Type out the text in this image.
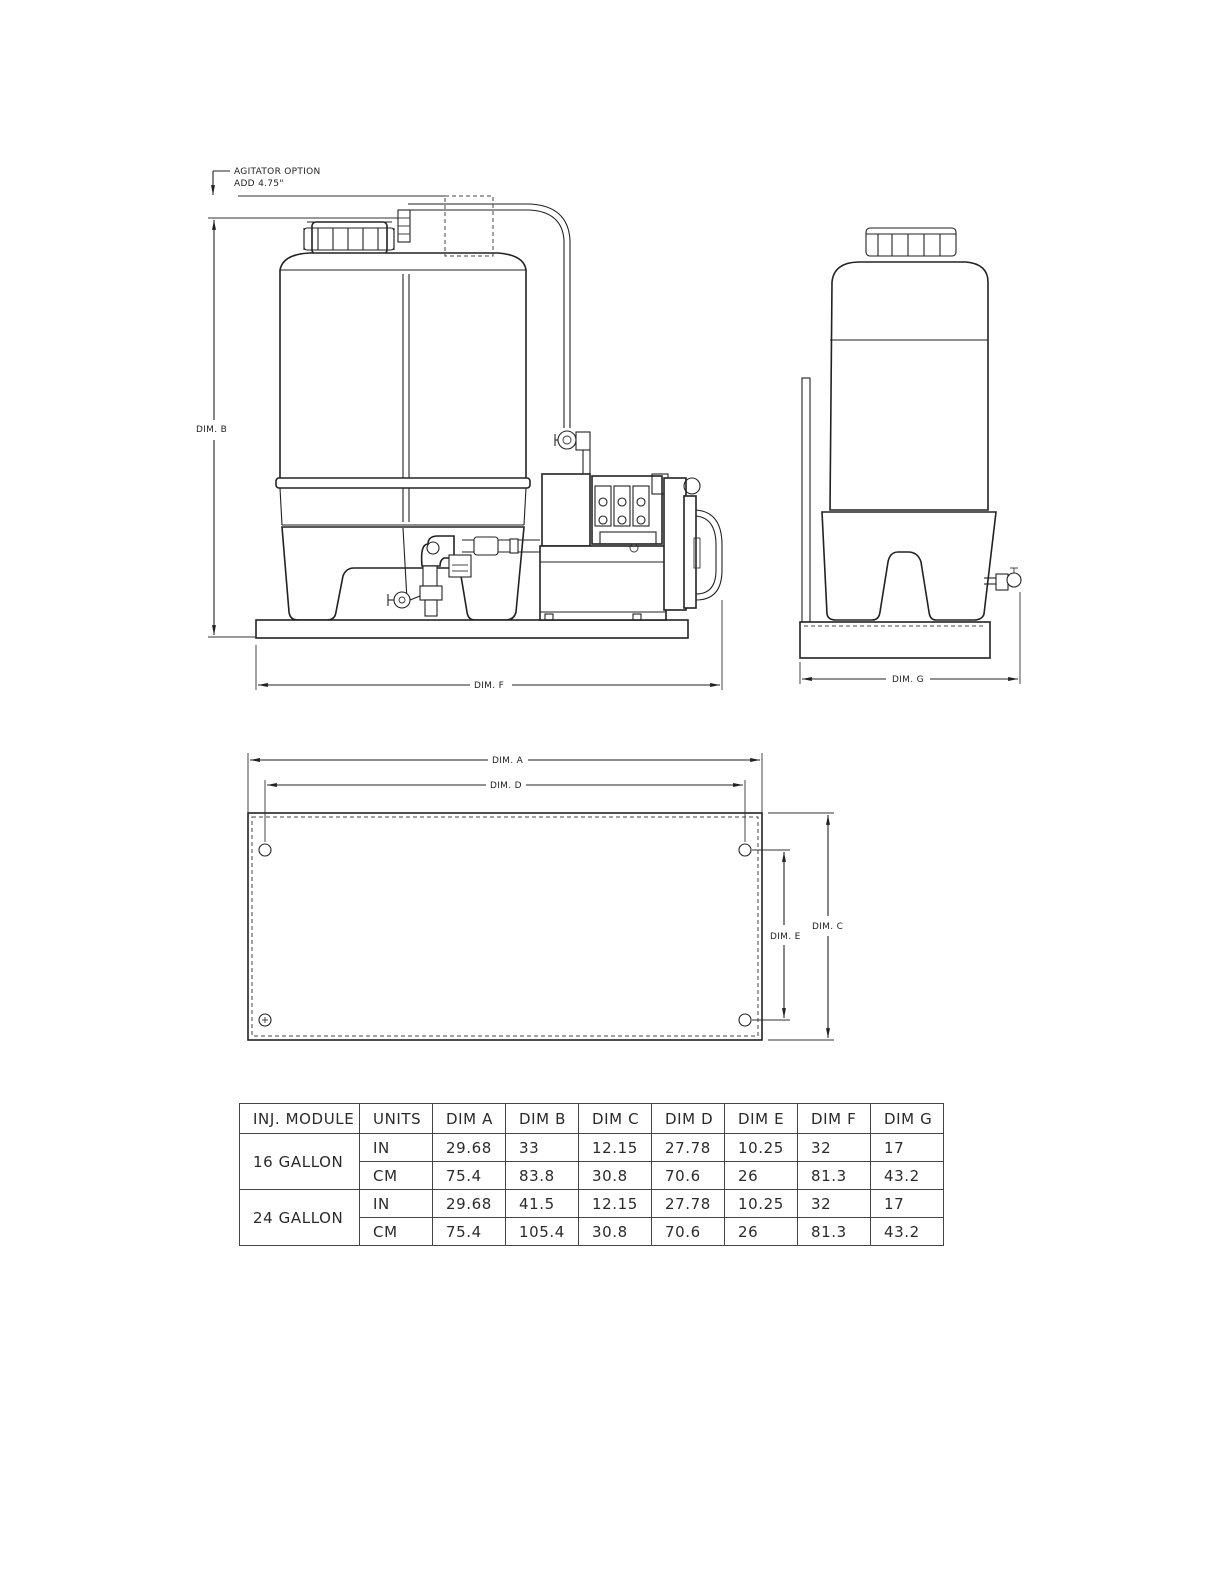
AGITATOR OPTION
ADD 4.75"
DIM. B
DIM. F
DIM. G
DIM. A
DIM. D
DIM. E
DIM. C
INJ. MODULE	UNITS	DIM A	DIM B	DIM C	DIM D	DIM E	DIM F	DIM G
16 GALLON	IN	29.68	33	12.15	27.78	10.25	32	17
	CM	75.4	83.8	30.8	70.6	26	81.3	43.2
24 GALLON	IN	29.68	41.5	12.15	27.78	10.25	32	17
	CM	75.4	105.4	30.8	70.6	26	81.3	43.2
